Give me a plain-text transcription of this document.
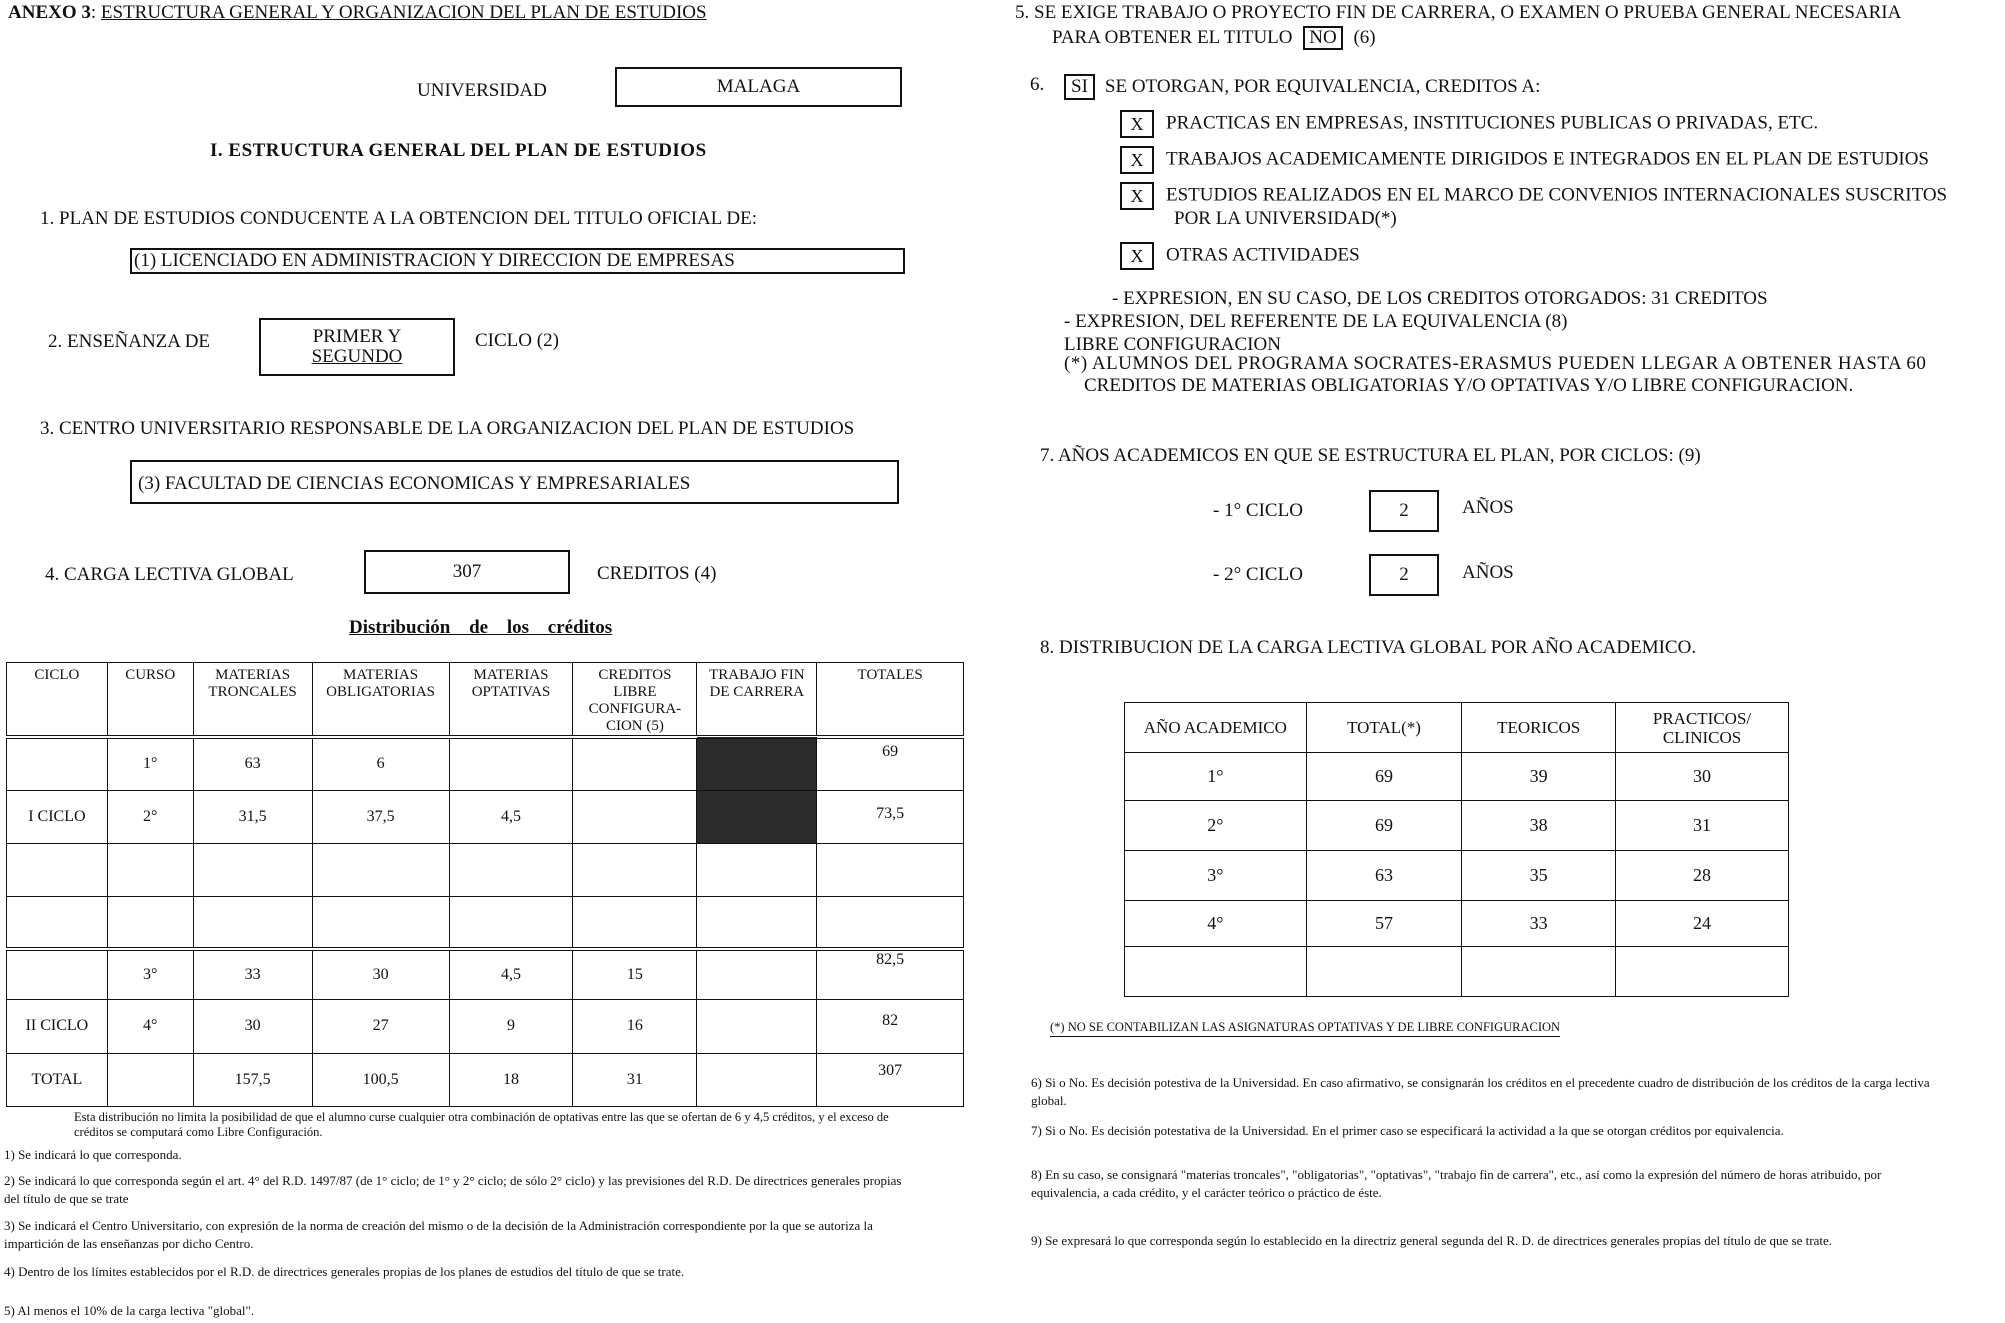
ANEXO 3: ESTRUCTURA GENERAL Y ORGANIZACION DEL PLAN DE ESTUDIOS
UNIVERSIDAD	MALAGA
I. ESTRUCTURA GENERAL DEL PLAN DE ESTUDIOS
1. PLAN DE ESTUDIOS CONDUCENTE A LA OBTENCION DEL TITULO OFICIAL DE:
(1) LICENCIADO EN ADMINISTRACION Y DIRECCION DE EMPRESAS
2. ENSEÑANZA DE	PRIMER Y
SEGUNDO
CICLO (2)
3. CENTRO UNIVERSITARIO RESPONSABLE DE LA ORGANIZACION DEL PLAN DE ESTUDIOS
(3) FACULTAD DE CIENCIAS ECONOMICAS Y EMPRESARIALES
4. CARGA LECTIVA GLOBAL	307	CREDITOS (4)
Distribución de los créditos
CICLO	CURSO	MATERIAS TRONCALES	MATERIAS OBLIGATORIAS	MATERIAS OPTATIVAS	CREDITOS LIBRE CONFIGURA-CION (5)	TRABAJO FIN DE CARRERA	TOTALES
	1°	63	6				69
I CICLO	2°	31,5	37,5	4,5			73,5

	3°	33	30	4,5	15		82,5
II CICLO	4°	30	27	9	16		82
TOTAL		157,5	100,5	18	31		307
Esta distribución no limita la posibilidad de que el alumno curse cualquier otra combinación de optativas entre las que se ofertan de 6 y 4,5 créditos, y el exceso de créditos se computará como Libre Configuración.
1) Se indicará lo que corresponda.
2) Se indicará lo que corresponda según el art. 4° del R.D. 1497/87 (de 1° ciclo; de 1° y 2° ciclo; de sólo 2° ciclo) y las previsiones del R.D. De directrices generales propias del título de que se trate
3) Se indicará el Centro Universitario, con expresión de la norma de creación del mismo o de la decisión de la Administración correspondiente por la que se autoriza la impartición de las enseñanzas por dicho Centro.
4) Dentro de los límites establecidos por el R.D. de directrices generales propias de los planes de estudios del título de que se trate.
5) Al menos el 10% de la carga lectiva "global".
5. SE EXIGE TRABAJO O PROYECTO FIN DE CARRERA, O EXAMEN O PRUEBA GENERAL NECESARIA
PARA OBTENER EL TITULO NO (6)
6.	SI SE OTORGAN, POR EQUIVALENCIA, CREDITOS A:
X PRACTICAS EN EMPRESAS, INSTITUCIONES PUBLICAS O PRIVADAS, ETC.
X TRABAJOS ACADEMICAMENTE DIRIGIDOS E INTEGRADOS EN EL PLAN DE ESTUDIOS
X ESTUDIOS REALIZADOS EN EL MARCO DE CONVENIOS INTERNACIONALES SUSCRITOS
POR LA UNIVERSIDAD(*)
X OTRAS ACTIVIDADES
- EXPRESION, EN SU CASO, DE LOS CREDITOS OTORGADOS: 31 CREDITOS
- EXPRESION, DEL REFERENTE DE LA EQUIVALENCIA (8)
LIBRE CONFIGURACION
(*) ALUMNOS DEL PROGRAMA SOCRATES-ERASMUS PUEDEN LLEGAR A OBTENER HASTA 60
CREDITOS DE MATERIAS OBLIGATORIAS Y/O OPTATIVAS Y/O LIBRE CONFIGURACION.
7. AÑOS ACADEMICOS EN QUE SE ESTRUCTURA EL PLAN, POR CICLOS: (9)
- 1° CICLO	2	AÑOS
- 2° CICLO	2	AÑOS
8. DISTRIBUCION DE LA CARGA LECTIVA GLOBAL POR AÑO ACADEMICO.
AÑO ACADEMICO	TOTAL(*)	TEORICOS	PRACTICOS/ CLINICOS
1°	69	39	30
2°	69	38	31
3°	63	35	28
4°	57	33	24

(*) NO SE CONTABILIZAN LAS ASIGNATURAS OPTATIVAS Y DE LIBRE CONFIGURACION
6) Si o No. Es decisión potestiva de la Universidad. En caso afirmativo, se consignarán los créditos en el precedente cuadro de distribución de los créditos de la carga lectiva global.
7) Si o No. Es decisión potestativa de la Universidad. En el primer caso se especificará la actividad a la que se otorgan créditos por equivalencia.
8) En su caso, se consignará "materias troncales", "obligatorias", "optativas", "trabajo fin de carrera", etc., así como la expresión del número de horas atribuido, por equivalencia, a cada crédito, y el carácter teórico o práctico de éste.
9) Se expresará lo que corresponda según lo establecido en la directriz general segunda del R. D. de directrices generales propias del título de que se trate.
